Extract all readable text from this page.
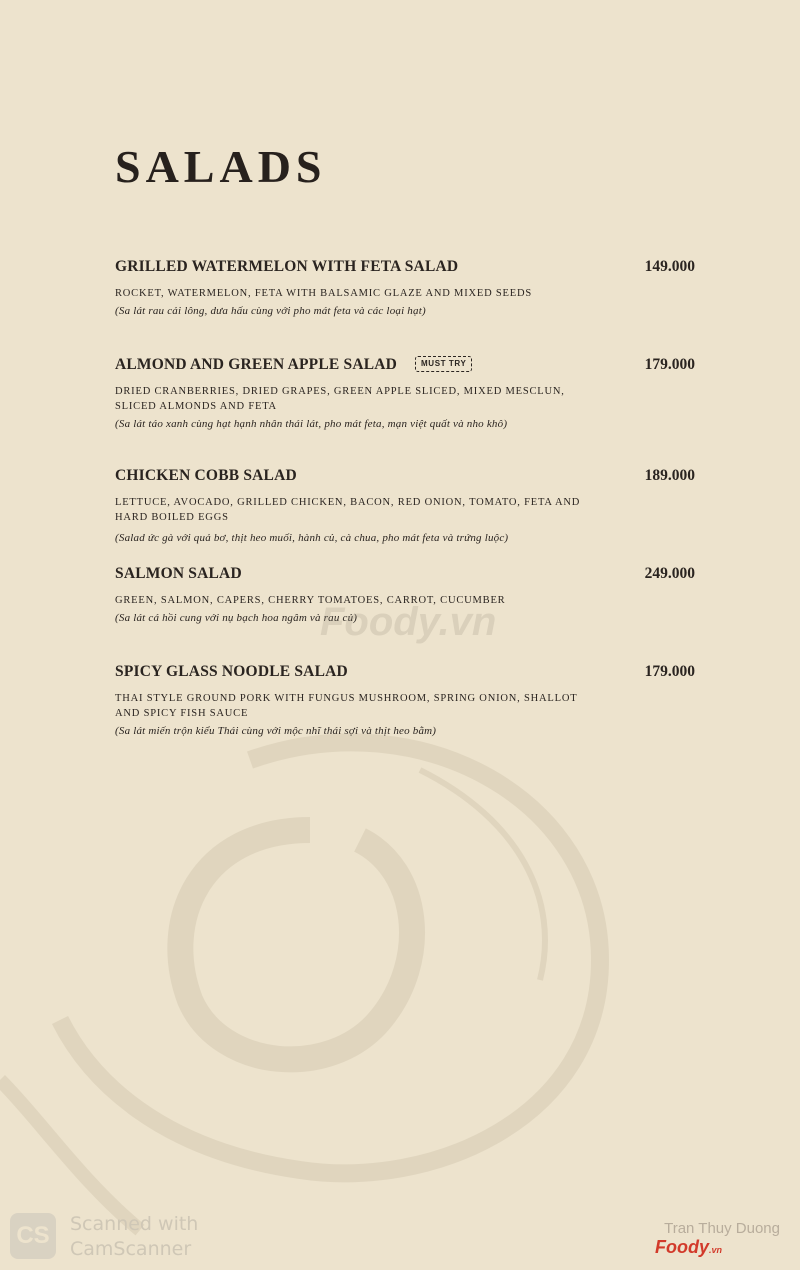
SALADS
GRILLED WATERMELON WITH FETA SALAD	149.000
ROCKET, WATERMELON, FETA WITH BALSAMIC GLAZE AND MIXED SEEDS
(Sa lát rau cải lông, dưa hấu cùng với pho mát feta và các loại hạt)
ALMOND AND GREEN APPLE SALAD	MUST TRY	179.000
DRIED CRANBERRIES, DRIED GRAPES, GREEN APPLE SLICED, MIXED MESCLUN, SLICED ALMONDS AND FETA
(Sa lát táo xanh cùng hạt hạnh nhân thái lát, pho mát feta, mạn việt quất và nho khô)
CHICKEN COBB SALAD	189.000
LETTUCE, AVOCADO, GRILLED CHICKEN, BACON, RED ONION, TOMATO, FETA AND HARD BOILED EGGS
(Salad ức gà với quả bơ, thịt heo muối, hành củ, cà chua, pho mát feta và trứng luộc)
SALMON SALAD	249.000
GREEN, SALMON, CAPERS, CHERRY TOMATOES, CARROT, CUCUMBER
(Sa lát cá hồi cung với nụ bạch hoa ngâm và rau củ)
SPICY GLASS NOODLE SALAD	179.000
THAI STYLE GROUND PORK WITH FUNGUS MUSHROOM, SPRING ONION, SHALLOT AND SPICY FISH SAUCE
(Sa lát miến trộn kiểu Thái cùng với mộc nhĩ thái sợi và thịt heo bằm)
Foody.vn
CS	Scanned with
CamScanner
Tran Thuy Duong
Foody.vn
